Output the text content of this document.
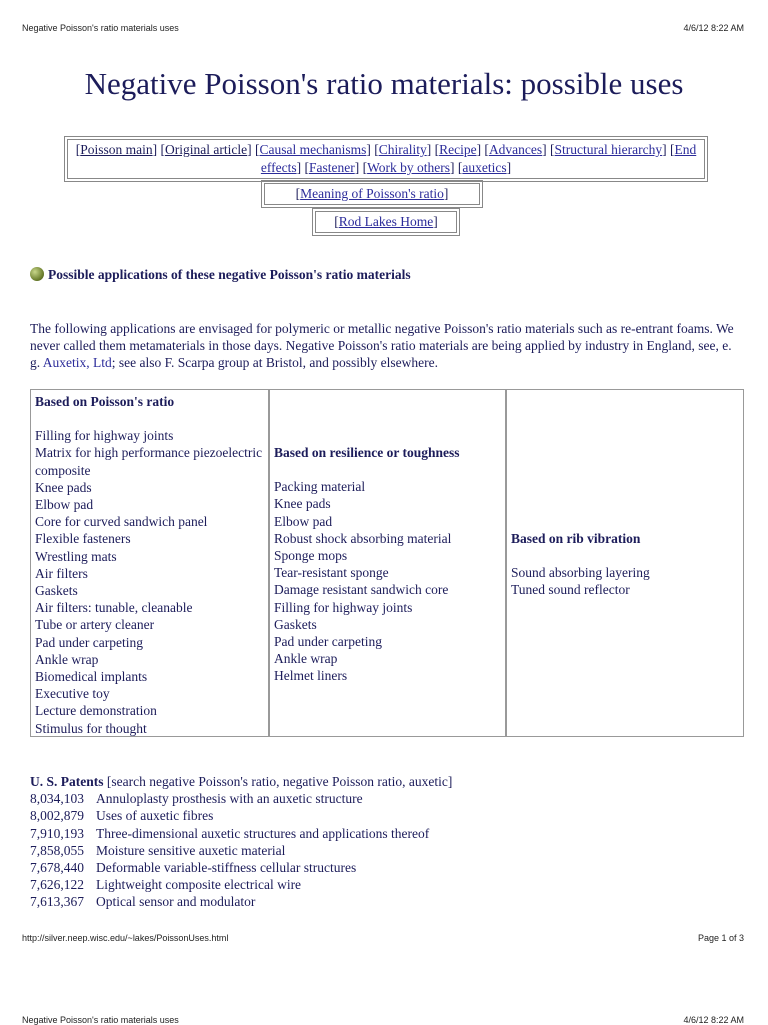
Negative Poisson's ratio materials uses	4/6/12 8:22 AM
Negative Poisson's ratio materials: possible uses
[Poisson main] [Original article] [Causal mechanisms] [Chirality] [Recipe] [Advances] [Structural hierarchy] [End effects] [Fastener] [Work by others] [auxetics]
[Meaning of Poisson's ratio]
[Rod Lakes Home]
Possible applications of these negative Poisson's ratio materials

The following applications are envisaged for polymeric or metallic negative Poisson's ratio materials such as re-entrant foams. We never called them metamaterials in those days. Negative Poisson's ratio materials are being applied by industry in England, see, e. g. Auxetix, Ltd; see also F. Scarpa group at Bristol, and possibly elsewhere.

Based on Poisson's ratio
Filling for highway joints
Matrix for high performance piezoelectric composite
Knee pads
Elbow pad
Core for curved sandwich panel
Flexible fasteners
Wrestling mats
Air filters
Gaskets
Air filters: tunable, cleanable
Tube or artery cleaner
Pad under carpeting
Ankle wrap
Biomedical implants
Executive toy
Lecture demonstration
Stimulus for thought
Based on resilience or toughness
Packing material
Knee pads
Elbow pad
Robust shock absorbing material
Sponge mops
Tear-resistant sponge
Damage resistant sandwich core
Filling for highway joints
Gaskets
Pad under carpeting
Ankle wrap
Helmet liners
Based on rib vibration
Sound absorbing layering
Tuned sound reflector
U. S. Patents [search negative Poisson's ratio, negative Poisson ratio, auxetic]
8,034,103 Annuloplasty prosthesis with an auxetic structure
8,002,879 Uses of auxetic fibres
7,910,193 Three-dimensional auxetic structures and applications thereof
7,858,055 Moisture sensitive auxetic material
7,678,440 Deformable variable-stiffness cellular structures
7,626,122 Lightweight composite electrical wire
7,613,367 Optical sensor and modulator
http://silver.neep.wisc.edu/~lakes/PoissonUses.html	Page 1 of 3
Negative Poisson's ratio materials uses	4/6/12 8:22 AM
